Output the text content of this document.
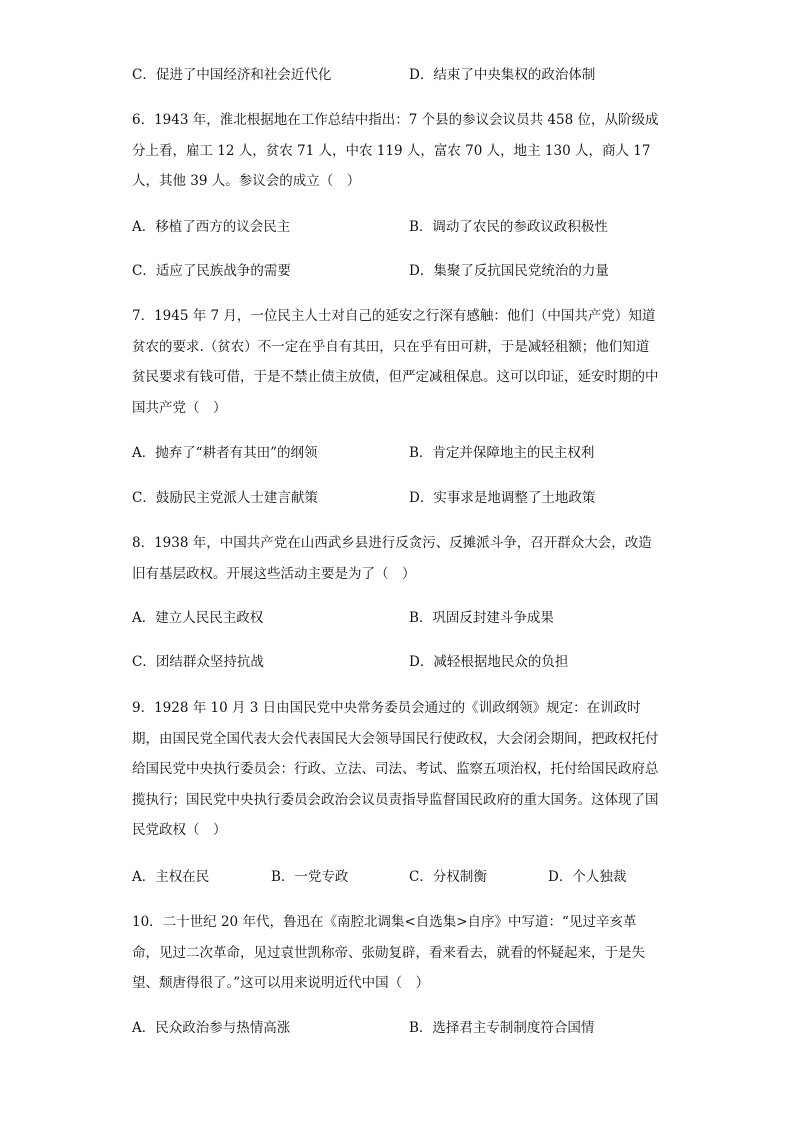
C．促进了中国经济和社会近代化	D．结束了中央集权的政治体制

6．1943 年，淮北根据地在工作总结中指出：7 个县的参议会议员共 458 位，从阶级成分上看，雇工 12 人，贫农 71 人，中农 119 人，富农 70 人，地主 130 人，商人 17 人，其他 39 人。参议会的成立（　）

A．移植了西方的议会民主	B．调动了农民的参政议政积极性
C．适应了民族战争的需要	D．集聚了反抗国民党统治的力量

7．1945 年 7 月，一位民主人士对自己的延安之行深有感触：他们（中国共产党）知道贫农的要求.（贫农）不一定在乎自有其田，只在乎有田可耕，于是减轻租额；他们知道贫民要求有钱可借，于是不禁止债主放债，但严定减租保息。这可以印证，延安时期的中国共产党（　）

A．抛弃了“耕者有其田”的纲领	B．肯定并保障地主的民主权利
C．鼓励民主党派人士建言献策	D．实事求是地调整了土地政策

8．1938 年，中国共产党在山西武乡县进行反贪污、反摊派斗争，召开群众大会，改造旧有基层政权。开展这些活动主要是为了（　）

A．建立人民民主政权	B．巩固反封建斗争成果
C．团结群众坚持抗战	D．减轻根据地民众的负担

9．1928 年 10 月 3 日由国民党中央常务委员会通过的《训政纲领》规定：在训政时期，由国民党全国代表大会代表国民大会领导国民行使政权，大会闭会期间，把政权托付给国民党中央执行委员会：行政、立法、司法、考试、监察五项治权，托付给国民政府总揽执行；国民党中央执行委员会政治会议员责指导监督国民政府的重大国务。这体现了国民党政权（　）

A．主权在民	B．一党专政	C．分权制衡	D．个人独裁

10．二十世纪 20 年代，鲁迅在《南腔北调集<自选集>自序》中写道：“见过辛亥革命，见过二次革命，见过袁世凯称帝、张勋复辟，看来看去，就看的怀疑起来，于是失望、颓唐得很了。”这可以用来说明近代中国（　）

A．民众政治参与热情高涨	B．选择君主专制制度符合国情
